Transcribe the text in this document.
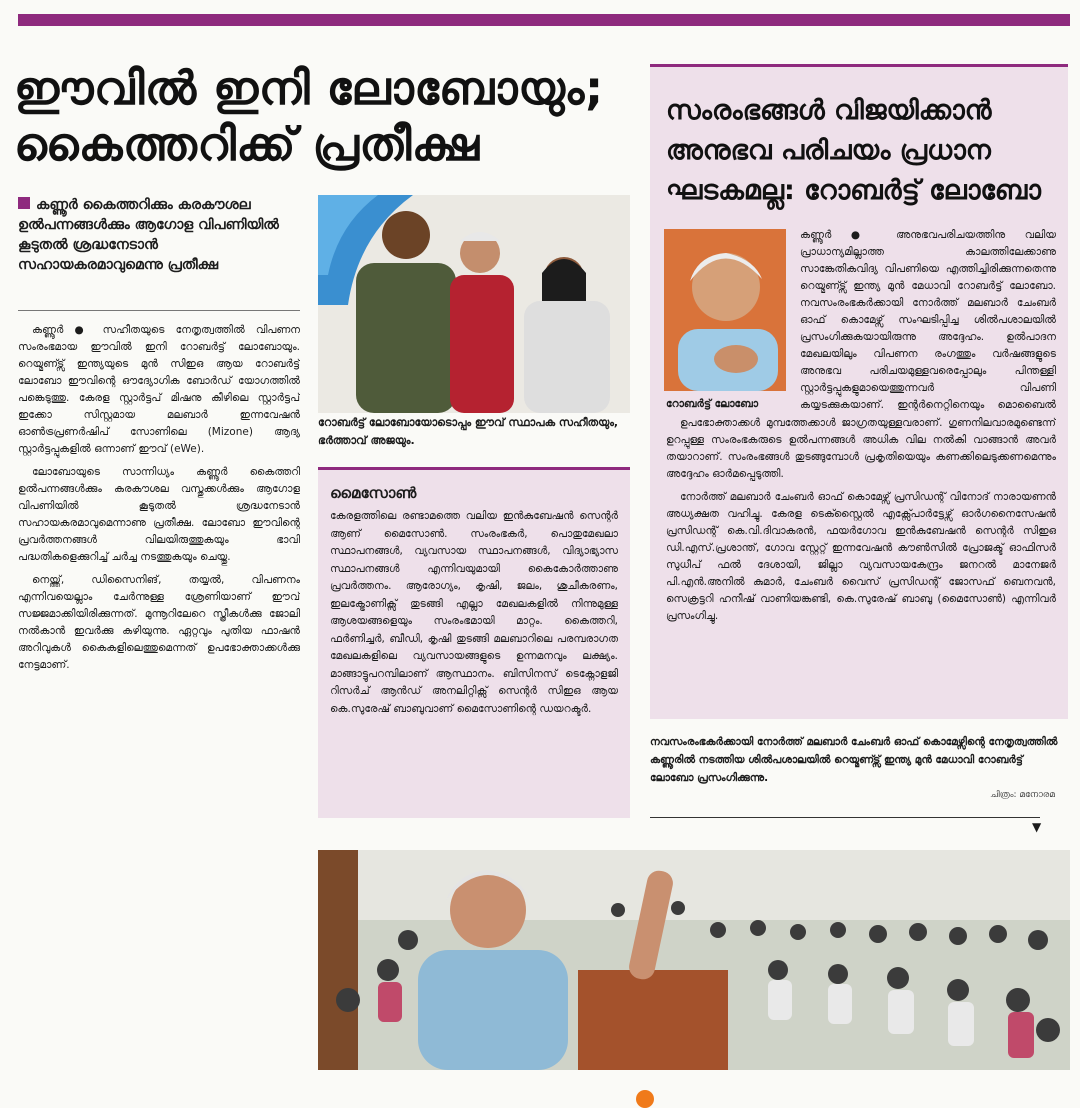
ഈവിൽ ഇനി ലോബോയും;
കൈത്തറിക്ക് പ്രതീക്ഷ
കണ്ണൂർ കൈത്തറിക്കും കരകൗശല ഉൽപന്നങ്ങൾക്കും ആഗോള വിപണിയിൽ കൂടുതൽ ശ്രദ്ധനേടാൻ സഹായകരമാവുമെന്നു പ്രതീക്ഷ

കണ്ണൂർ ● സഹീതയുടെ നേതൃത്വത്തിൽ വിപണന സംരംഭമായ ഈവിൽ ഇനി റോബർട്ട് ലോബോയും. റെയ്മണ്ട്സ് ഇന്ത്യയുടെ മുൻ സിഇഒ ആയ റോബർട്ട് ലോബോ ഈവിന്റെ ഔദ്യോഗിക ബോർഡ് യോഗത്തിൽ പങ്കെടുത്തു. കേരള സ്റ്റാർട്ടപ് മിഷനു കീഴിലെ സ്റ്റാർട്ടപ് ഇക്കോ സിസ്റ്റമായ മലബാർ ഇന്നവേഷൻ ഓൺട്രപ്രണർഷിപ് സോണിലെ (Mizone) ആദ്യ സ്റ്റാർട്ടപ്പുകളിൽ ഒന്നാണ് ഈവ് (eWe).

ലോബോയുടെ സാന്നിധ്യം കണ്ണൂർ കൈത്തറി ഉൽപന്നങ്ങൾക്കും കരകൗശല വസ്തുക്കൾക്കും ആഗോള വിപണിയിൽ കൂടുതൽ ശ്രദ്ധനേടാൻ സഹായകരമാവുമെന്നാണു പ്രതീക്ഷ. ലോബോ ഈവിന്റെ പ്രവർത്തനങ്ങൾ വിലയിരുത്തുകയും ഭാവി പദ്ധതികളെക്കുറിച്ച് ചർച്ച നടത്തുകയും ചെയ്തു.

നെയ്ത്ത്, ഡിസൈനിങ്, തയ്യൽ, വിപണനം എന്നിവയെല്ലാം ചേർന്നുള്ള ശ്രേണിയാണ് ഈവ് സജ്ജമാക്കിയിരിക്കുന്നത്. മുന്നൂറിലേറെ സ്ത്രീകൾക്കു ജോലി നൽകാൻ ഇവർക്കു കഴിയുന്നു. ഏറ്റവും പുതിയ ഫാഷൻ അറിവുകൾ കൈകളിലെത്തുമെന്നത് ഉപഭോക്താക്കൾക്കു നേട്ടമാണ്.

റോബർട്ട് ലോബോയോടൊപ്പം ഈവ് സ്ഥാപക സഹീതയും, ഭർത്താവ് അജയും.
മൈസോൺ
കേരളത്തിലെ രണ്ടാമത്തെ വലിയ ഇൻകുബേഷൻ സെന്റർ ആണ് മൈസോൺ. സംരംഭകർ, പൊതുമേഖലാ സ്ഥാപനങ്ങൾ, വ്യവസായ സ്ഥാപനങ്ങൾ, വിദ്യാഭ്യാസ സ്ഥാപനങ്ങൾ എന്നിവയുമായി കൈകോർത്താണു പ്രവർത്തനം. ആരോഗ്യം, കൃഷി, ജലം, ശുചീകരണം, ഇലക്ട്രോണിക്സ് തുടങ്ങി എല്ലാ മേഖലകളിൽ നിന്നുമുള്ള ആശയങ്ങളെയും സംരംഭമായി മാറ്റം. കൈത്തറി, ഫർണിച്ചർ, ബീഡി, കൃഷി തുടങ്ങി മലബാറിലെ പരമ്പരാഗത മേഖലകളിലെ വ്യവസായങ്ങളുടെ ഉന്നമനവും ലക്ഷ്യം. മാങ്ങാട്ടുപറമ്പിലാണ് ആസ്ഥാനം. ബിസിനസ് ടെക്നോളജി റിസർച് ആൻഡ് അനലിറ്റിക്സ് സെന്റർ സിഇഒ ആയ കെ.സുരേഷ് ബാബുവാണ് മൈസോണിന്റെ ഡയറക്ടർ.
സംരംഭങ്ങൾ വിജയിക്കാൻ
അനുഭവ പരിചയം പ്രധാന
ഘടകമല്ല: റോബർട്ട് ലോബോ
റോബർട്ട് ലോബോ
കണ്ണൂർ ● അനുഭവപരിചയത്തിനു വലിയ പ്രാധാന്യമില്ലാത്ത കാലത്തിലേക്കാണു സാങ്കേതികവിദ്യ വിപണിയെ എത്തിച്ചിരിക്കുന്നതെന്നു റെയ്മണ്ട്സ് ഇന്ത്യ മുൻ മേധാവി റോബർട്ട് ലോബോ. നവസംരംഭകർക്കായി നോർത്ത് മലബാർ ചേംബർ ഓഫ് കൊമേഴ്സ് സംഘടിപ്പിച്ച ശിൽപശാലയിൽ പ്രസംഗിക്കുകയായിരുന്നു അദ്ദേഹം. ഉൽപാദന മേഖലയിലും വിപണന രംഗത്തും വർഷങ്ങളുടെ അനുഭവ പരിചയമുള്ളവരെപ്പോലും പിന്തള്ളി സ്റ്റാർട്ടപ്പുകളുമായെത്തുന്നവർ വിപണി കയ്യടക്കുകയാണ്. ഇന്റർനെറ്റിനെയും മൊബൈൽ

ഉപഭോക്താക്കൾ മുമ്പത്തേക്കാൾ ജാഗ്രതയുള്ളവരാണ്. ഗുണനിലവാരമുണ്ടെന്ന് ഉറപ്പുള്ള സംരംഭകരുടെ ഉൽപന്നങ്ങൾ അധിക വില നൽകി വാങ്ങാൻ അവർ തയാറാണ്. സംരംഭങ്ങൾ തുടങ്ങുമ്പോൾ പ്രകൃതിയെയും കണക്കിലെടുക്കണമെന്നും അദ്ദേഹം ഓർമപ്പെടുത്തി.

നോർത്ത് മലബാർ ചേംബർ ഓഫ് കൊമേഴ്സ് പ്രസിഡന്റ് വിനോദ് നാരായണൻ അധ്യക്ഷത വഹിച്ചു. കേരള ടെക്സ്റ്റൈൽ എക്സ്പോർട്ടേഴ്സ് ഓർഗനൈസേഷൻ പ്രസിഡന്റ് കെ.വി.ദിവാകരൻ, ഫയർഗോവ ഇൻകുബേഷൻ സെന്റർ സിഇഒ ഡി.എസ്.പ്രശാന്ത്, ഗോവ സ്റ്റേറ്റ് ഇന്നവേഷൻ കൗൺസിൽ പ്രോജക്ട് ഓഫിസർ സുധീപ് ഫൽ ദേശായി, ജില്ലാ വ്യവസായകേന്ദ്രം ജനറൽ മാനേജർ പി.എൻ.അനിൽ കുമാർ, ചേംബർ വൈസ് പ്രസിഡന്റ് ജോസഫ് ബെനവൻ, സെക്രട്ടറി ഹനീഷ് വാണിയങ്കണ്ടി, കെ.സുരേഷ് ബാബു (മൈസോൺ) എന്നിവർ പ്രസംഗിച്ചു.

നവസംരംഭകർക്കായി നോർത്ത് മലബാർ ചേംബർ ഓഫ് കൊമേഴ്സിന്റെ നേതൃത്വത്തിൽ കണ്ണൂരിൽ നടത്തിയ ശിൽപശാലയിൽ റെയ്മണ്ട്സ് ഇന്ത്യ മുൻ മേധാവി റോബർട്ട് ലോബോ പ്രസംഗിക്കുന്നു.
ചിത്രം: മനോരമ
▼
